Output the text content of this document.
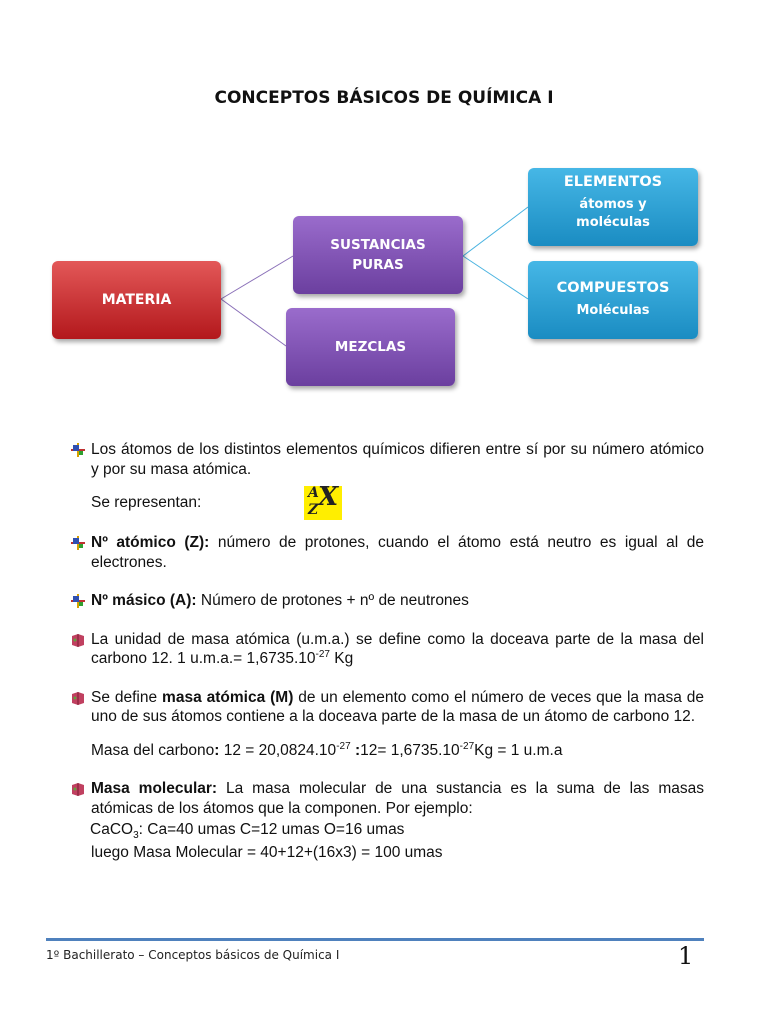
CONCEPTOS BÁSICOS DE QUÍMICA I
MATERIA
SUSTANCIAS
PURAS
MEZCLAS
ELEMENTOS
átomos y
moléculas
COMPUESTOS
Moléculas
Los átomos de los distintos elementos químicos difieren entre sí por su número atómico y por su masa atómica.
Se representan:
A
Z X
Nº atómico (Z): número de protones, cuando el átomo está neutro es igual al de electrones.
Nº másico (A): Número de protones + nº de neutrones
La unidad de masa atómica (u.m.a.) se define como la doceava parte de la masa del carbono 12. 1 $u.m.a.= 1,6735.10^{-27}$ Kg
Se define masa atómica (M) de un elemento como el número de veces que la masa de uno de sus átomos contiene a la doceava parte de la masa de un átomo de carbono 12.
Masa del carbono: $12 = 20,0824.10^{-27}$ :12= $1,6735.10^{-27}Kg = 1$ u.m.a
Masa molecular: La masa molecular de una sustancia es la suma de las masas atómicas de los átomos que la componen. Por ejemplo:
CaCO$_3$: Ca=40 umas C=12 umas O=16 umas
luego Masa Molecular = 40+12+(16x3) = 100 umas
1º Bachillerato – Conceptos básicos de Química I	1
